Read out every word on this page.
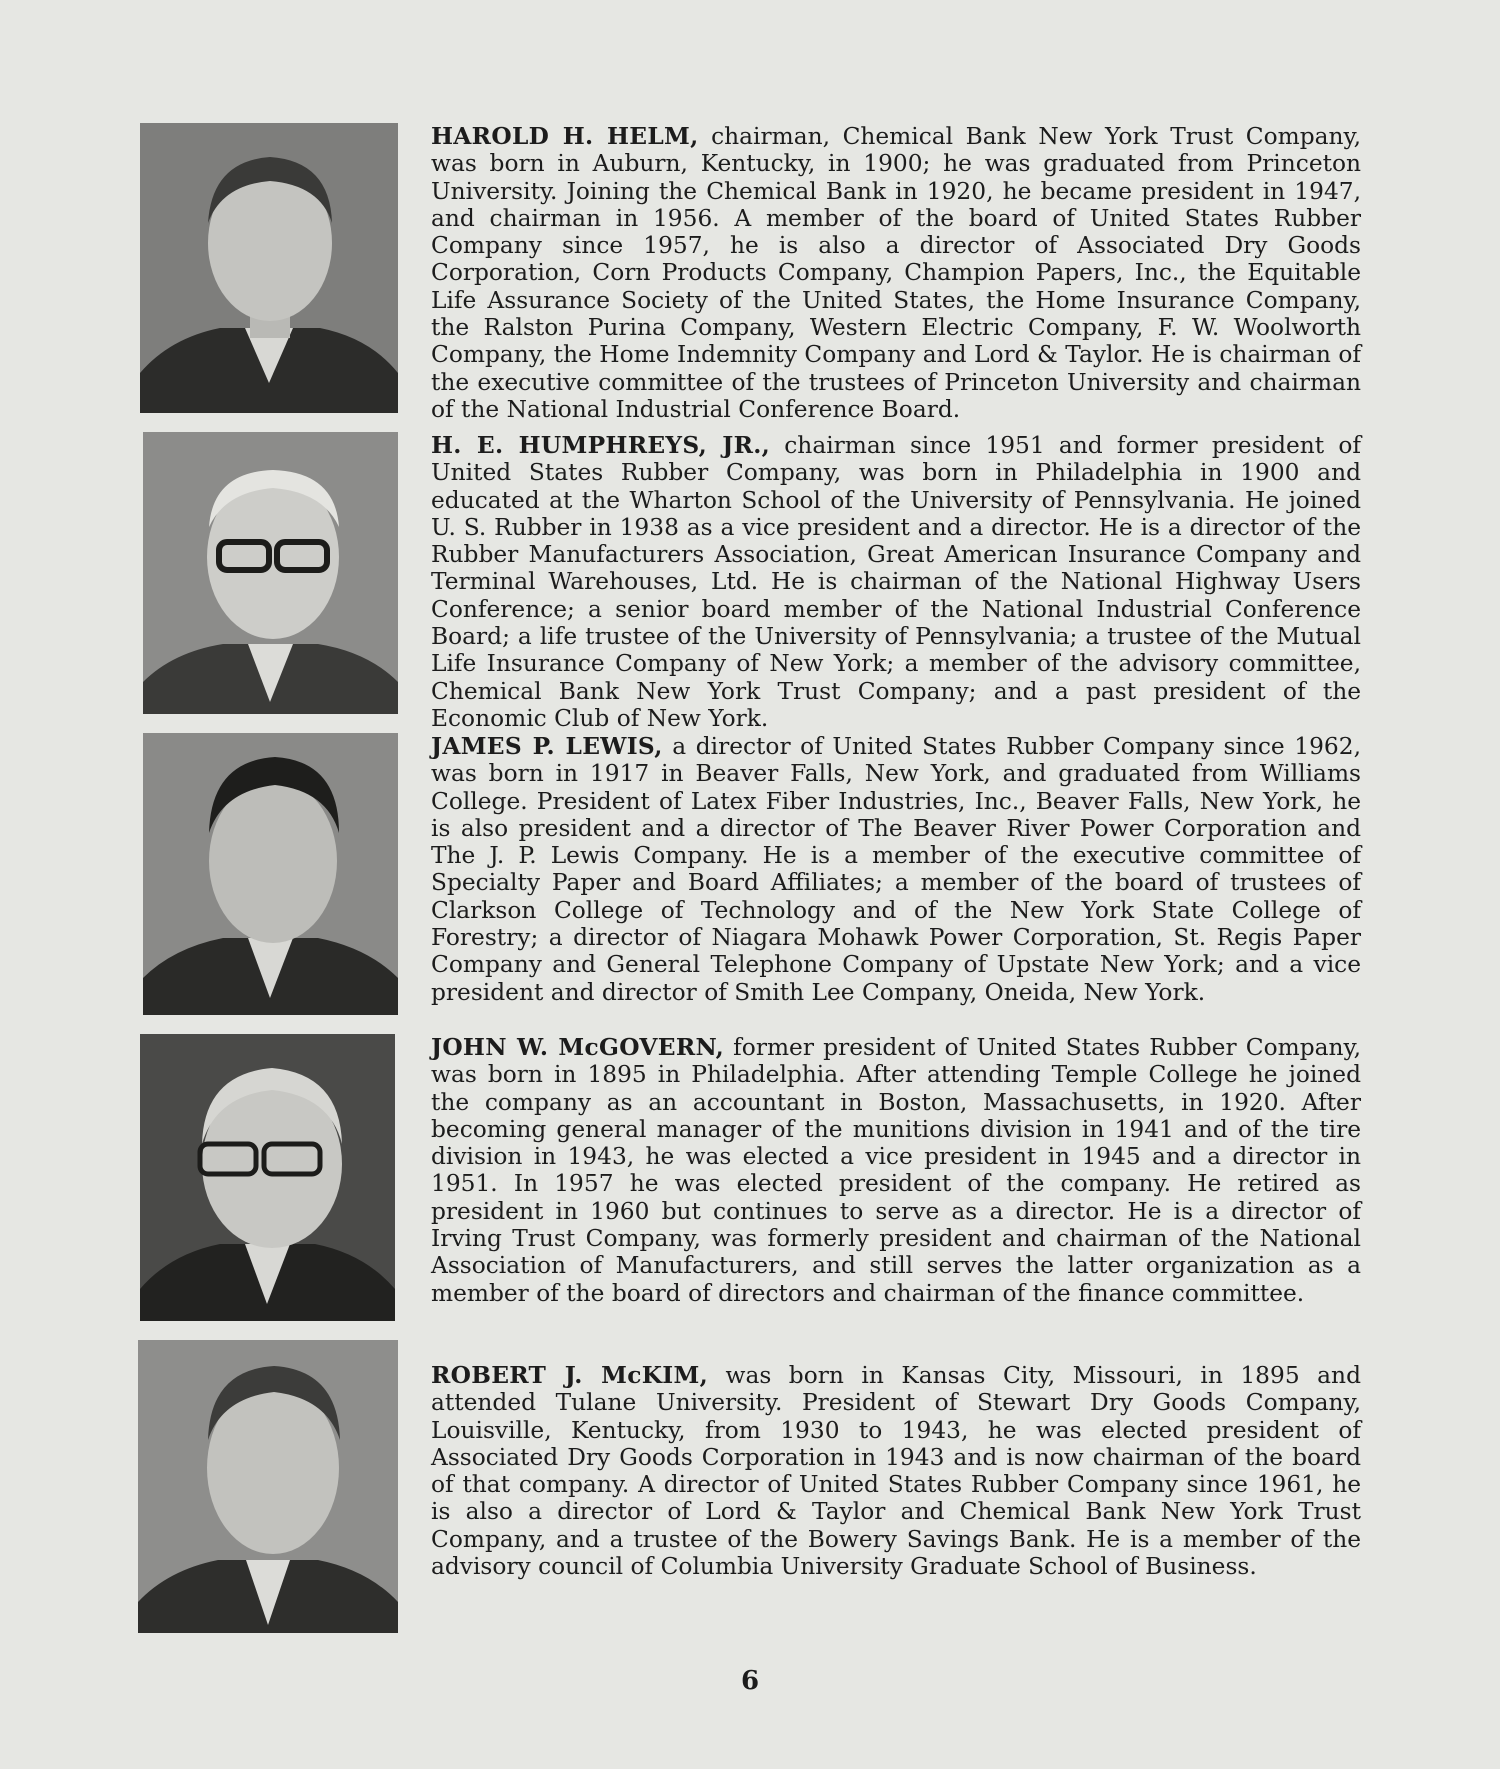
HAROLD H. HELM, chairman, Chemical Bank New York Trust Company, was born in Auburn, Kentucky, in 1900; he was graduated from Princeton University. Joining the Chemical Bank in 1920, he became president in 1947, and chairman in 1956. A member of the board of United States Rubber Company since 1957, he is also a director of Associated Dry Goods Corporation, Corn Products Company, Champion Papers, Inc., the Equitable Life Assurance Society of the United States, the Home Insurance Company, the Ralston Purina Company, Western Electric Company, F. W. Woolworth Company, the Home Indemnity Company and Lord & Taylor. He is chairman of the executive committee of the trustees of Princeton University and chairman of the National Industrial Conference Board.

H. E. HUMPHREYS, JR., chairman since 1951 and former president of United States Rubber Company, was born in Philadelphia in 1900 and educated at the Wharton School of the University of Pennsylvania. He joined U. S. Rubber in 1938 as a vice president and a director. He is a director of the Rubber Manufacturers Association, Great American Insurance Company and Terminal Warehouses, Ltd. He is chairman of the National Highway Users Conference; a senior board member of the National Industrial Conference Board; a life trustee of the University of Pennsylvania; a trustee of the Mutual Life Insurance Company of New York; a member of the advisory committee, Chemical Bank New York Trust Company; and a past president of the Economic Club of New York.

JAMES P. LEWIS, a director of United States Rubber Company since 1962, was born in 1917 in Beaver Falls, New York, and graduated from Williams College. President of Latex Fiber Industries, Inc., Beaver Falls, New York, he is also president and a director of The Beaver River Power Corporation and The J. P. Lewis Company. He is a member of the executive committee of Specialty Paper and Board Affiliates; a member of the board of trustees of Clarkson College of Technology and of the New York State College of Forestry; a director of Niagara Mohawk Power Corporation, St. Regis Paper Company and General Telephone Company of Upstate New York; and a vice president and director of Smith Lee Company, Oneida, New York.

JOHN W. McGOVERN, former president of United States Rubber Company, was born in 1895 in Philadelphia. After attending Temple College he joined the company as an accountant in Boston, Massachusetts, in 1920. After becoming general manager of the munitions division in 1941 and of the tire division in 1943, he was elected a vice president in 1945 and a director in 1951. In 1957 he was elected president of the company. He retired as president in 1960 but continues to serve as a director. He is a director of Irving Trust Company, was formerly president and chairman of the National Association of Manufacturers, and still serves the latter organization as a member of the board of directors and chairman of the finance committee.

ROBERT J. McKIM, was born in Kansas City, Missouri, in 1895 and attended Tulane University. President of Stewart Dry Goods Company, Louisville, Kentucky, from 1930 to 1943, he was elected president of Associated Dry Goods Corporation in 1943 and is now chairman of the board of that company. A director of United States Rubber Company since 1961, he is also a director of Lord & Taylor and Chemical Bank New York Trust Company, and a trustee of the Bowery Savings Bank. He is a member of the advisory council of Columbia University Graduate School of Business.

6
